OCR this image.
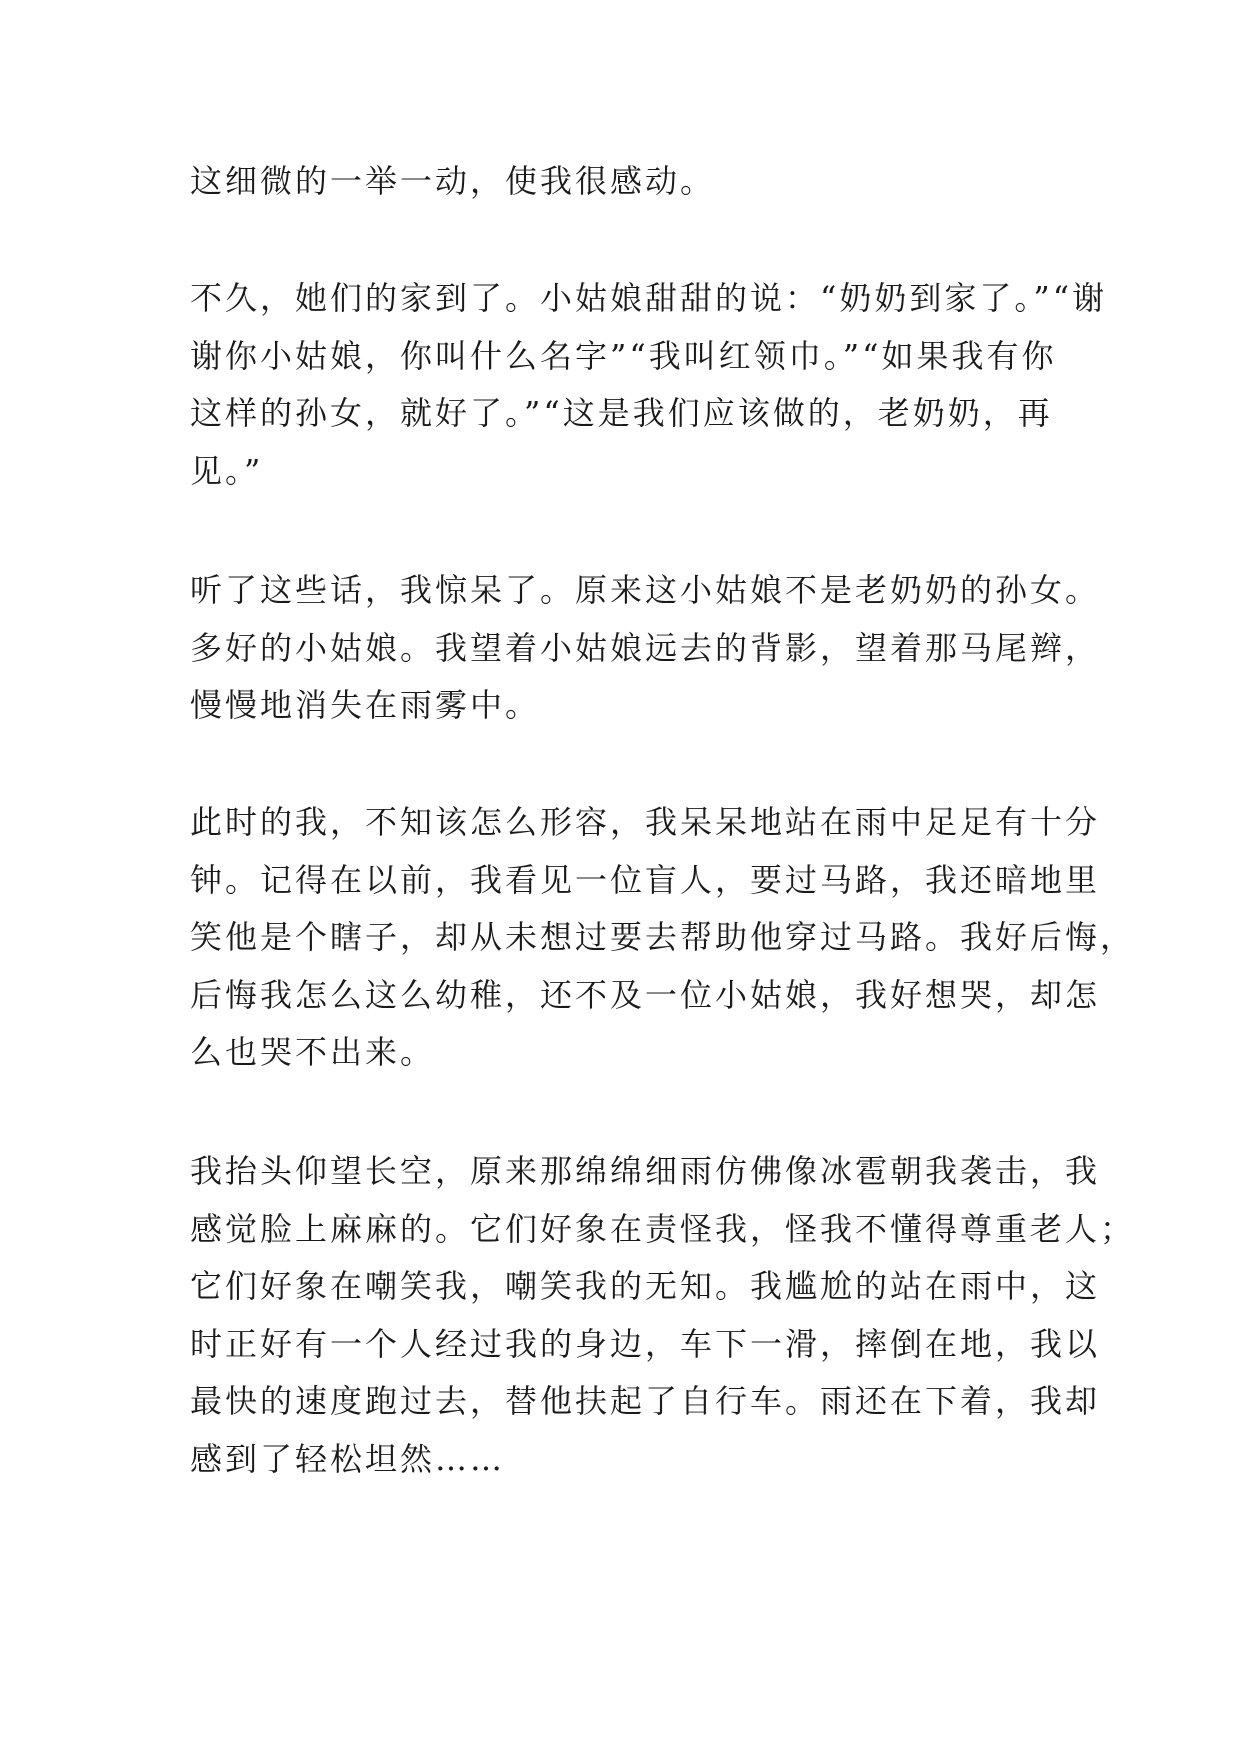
这细微的一举一动，使我很感动。

不久，她们的家到了。小姑娘甜甜的说：“奶奶到家了。”“谢
谢你小姑娘，你叫什么名字”“我叫红领巾。”“如果我有你
这样的孙女，就好了。”“这是我们应该做的，老奶奶，再
见。”

听了这些话，我惊呆了。原来这小姑娘不是老奶奶的孙女。
多好的小姑娘。我望着小姑娘远去的背影，望着那马尾辫，
慢慢地消失在雨雾中。

此时的我，不知该怎么形容，我呆呆地站在雨中足足有十分
钟。记得在以前，我看见一位盲人，要过马路，我还暗地里
笑他是个瞎子，却从未想过要去帮助他穿过马路。我好后悔，
后悔我怎么这么幼稚，还不及一位小姑娘，我好想哭，却怎
么也哭不出来。

我抬头仰望长空，原来那绵绵细雨仿佛像冰雹朝我袭击，我
感觉脸上麻麻的。它们好象在责怪我，怪我不懂得尊重老人；
它们好象在嘲笑我，嘲笑我的无知。我尴尬的站在雨中，这
时正好有一个人经过我的身边，车下一滑，摔倒在地，我以
最快的速度跑过去，替他扶起了自行车。雨还在下着，我却
感到了轻松坦然……
